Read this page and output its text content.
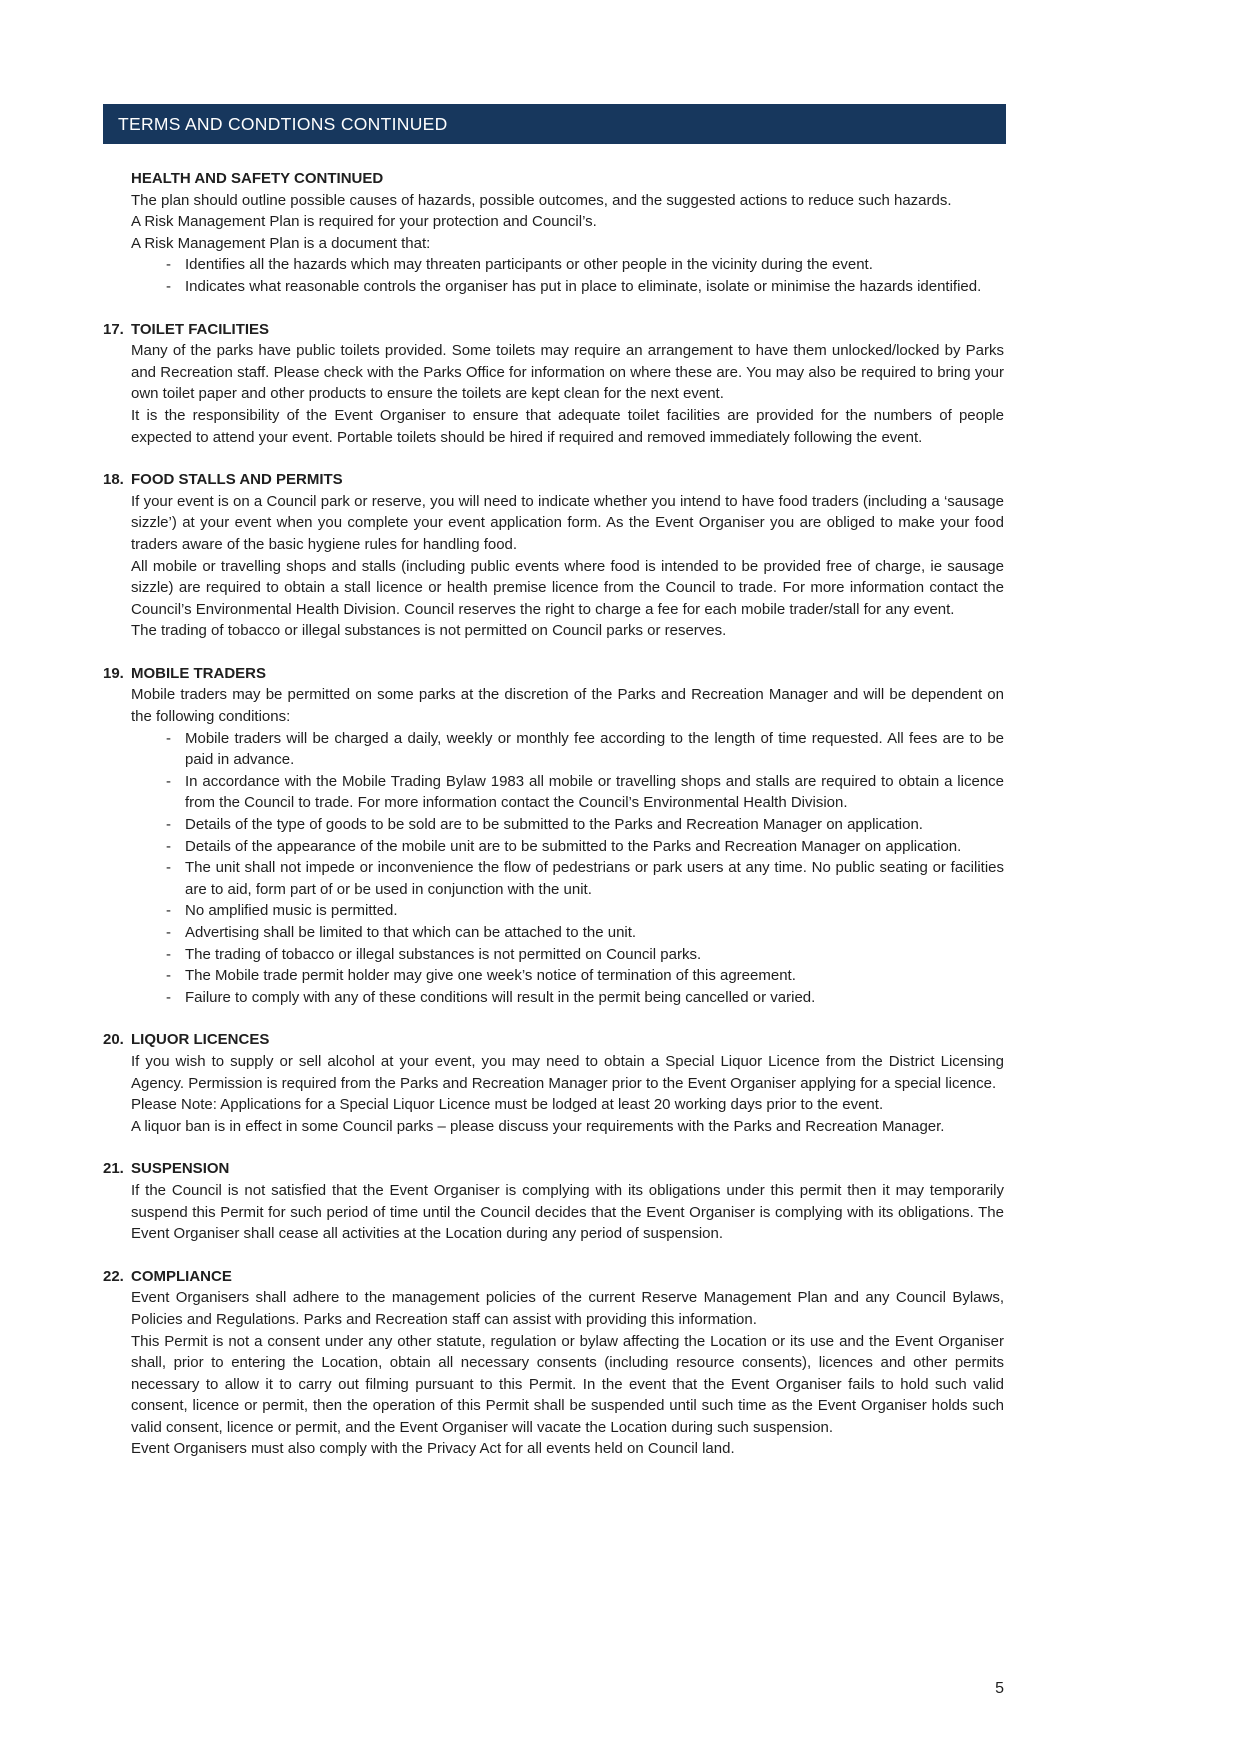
TERMS AND CONDTIONS CONTINUED
HEALTH AND SAFETY CONTINUED

The plan should outline possible causes of hazards, possible outcomes, and the suggested actions to reduce such hazards.

A Risk Management Plan is required for your protection and Council’s.

A Risk Management Plan is a document that:

- Identifies all the hazards which may threaten participants or other people in the vicinity during the event.
- Indicates what reasonable controls the organiser has put in place to eliminate, isolate or minimise the hazards identified.
17. TOILET FACILITIES

Many of the parks have public toilets provided. Some toilets may require an arrangement to have them unlocked/locked by Parks and Recreation staff. Please check with the Parks Office for information on where these are. You may also be required to bring your own toilet paper and other products to ensure the toilets are kept clean for the next event.

It is the responsibility of the Event Organiser to ensure that adequate toilet facilities are provided for the numbers of people expected to attend your event. Portable toilets should be hired if required and removed immediately following the event.

18. FOOD STALLS AND PERMITS

If your event is on a Council park or reserve, you will need to indicate whether you intend to have food traders (including a ‘sausage sizzle’) at your event when you complete your event application form. As the Event Organiser you are obliged to make your food traders aware of the basic hygiene rules for handling food.

All mobile or travelling shops and stalls (including public events where food is intended to be provided free of charge, ie sausage sizzle) are required to obtain a stall licence or health premise licence from the Council to trade. For more information contact the Council’s Environmental Health Division. Council reserves the right to charge a fee for each mobile trader/stall for any event.

The trading of tobacco or illegal substances is not permitted on Council parks or reserves.

19. MOBILE TRADERS

Mobile traders may be permitted on some parks at the discretion of the Parks and Recreation Manager and will be dependent on the following conditions:

- Mobile traders will be charged a daily, weekly or monthly fee according to the length of time requested. All fees are to be paid in advance.
- In accordance with the Mobile Trading Bylaw 1983 all mobile or travelling shops and stalls are required to obtain a licence from the Council to trade. For more information contact the Council’s Environmental Health Division.
- Details of the type of goods to be sold are to be submitted to the Parks and Recreation Manager on application.
- Details of the appearance of the mobile unit are to be submitted to the Parks and Recreation Manager on application.
- The unit shall not impede or inconvenience the flow of pedestrians or park users at any time. No public seating or facilities are to aid, form part of or be used in conjunction with the unit.
- No amplified music is permitted.
- Advertising shall be limited to that which can be attached to the unit.
- The trading of tobacco or illegal substances is not permitted on Council parks.
- The Mobile trade permit holder may give one week’s notice of termination of this agreement.
- Failure to comply with any of these conditions will result in the permit being cancelled or varied.
20. LIQUOR LICENCES

If you wish to supply or sell alcohol at your event, you may need to obtain a Special Liquor Licence from the District Licensing Agency. Permission is required from the Parks and Recreation Manager prior to the Event Organiser applying for a special licence.

Please Note: Applications for a Special Liquor Licence must be lodged at least 20 working days prior to the event.

A liquor ban is in effect in some Council parks – please discuss your requirements with the Parks and Recreation Manager.

21. SUSPENSION

If the Council is not satisfied that the Event Organiser is complying with its obligations under this permit then it may temporarily suspend this Permit for such period of time until the Council decides that the Event Organiser is complying with its obligations. The Event Organiser shall cease all activities at the Location during any period of suspension.

22. COMPLIANCE

Event Organisers shall adhere to the management policies of the current Reserve Management Plan and any Council Bylaws, Policies and Regulations. Parks and Recreation staff can assist with providing this information.

This Permit is not a consent under any other statute, regulation or bylaw affecting the Location or its use and the Event Organiser shall, prior to entering the Location, obtain all necessary consents (including resource consents), licences and other permits necessary to allow it to carry out filming pursuant to this Permit. In the event that the Event Organiser fails to hold such valid consent, licence or permit, then the operation of this Permit shall be suspended until such time as the Event Organiser holds such valid consent, licence or permit, and the Event Organiser will vacate the Location during such suspension.

Event Organisers must also comply with the Privacy Act for all events held on Council land.

5
